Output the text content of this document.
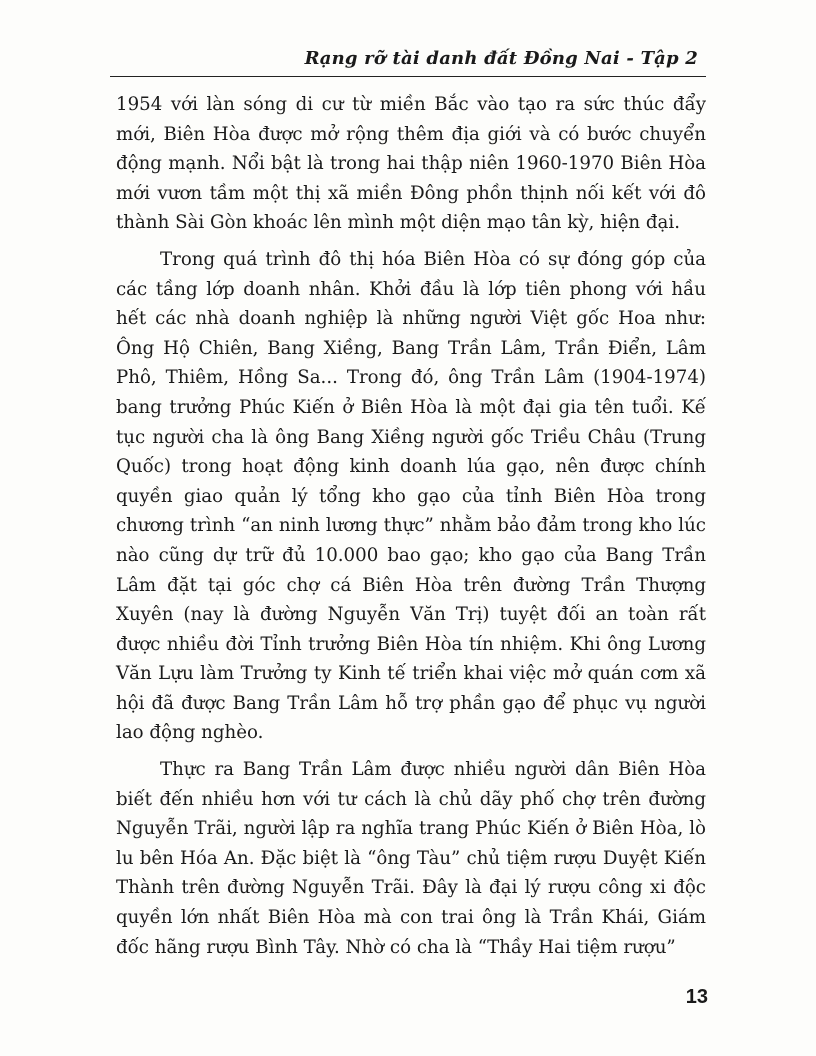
Rạng rỡ tài danh đất Đồng Nai - Tập 2

1954 với làn sóng di cư từ miền Bắc vào tạo ra sức thúc đẩy mới, Biên Hòa được mở rộng thêm địa giới và có bước chuyển động mạnh. Nổi bật là trong hai thập niên 1960-1970 Biên Hòa mới vươn tầm một thị xã miền Đông phồn thịnh nối kết với đô thành Sài Gòn khoác lên mình một diện mạo tân kỳ, hiện đại.

Trong quá trình đô thị hóa Biên Hòa có sự đóng góp của các tầng lớp doanh nhân. Khởi đầu là lớp tiên phong với hầu hết các nhà doanh nghiệp là những người Việt gốc Hoa như: Ông Hộ Chiên, Bang Xiềng, Bang Trần Lâm, Trần Điển, Lâm Phô, Thiêm, Hồng Sa... Trong đó, ông Trần Lâm (1904-1974) bang trưởng Phúc Kiến ở Biên Hòa là một đại gia tên tuổi. Kế tục người cha là ông Bang Xiềng người gốc Triều Châu (Trung Quốc) trong hoạt động kinh doanh lúa gạo, nên được chính quyền giao quản lý tổng kho gạo của tỉnh Biên Hòa trong chương trình “an ninh lương thực” nhằm bảo đảm trong kho lúc nào cũng dự trữ đủ 10.000 bao gạo; kho gạo của Bang Trần Lâm đặt tại góc chợ cá Biên Hòa trên đường Trần Thượng Xuyên (nay là đường Nguyễn Văn Trị) tuyệt đối an toàn rất được nhiều đời Tỉnh trưởng Biên Hòa tín nhiệm. Khi ông Lương Văn Lựu làm Trưởng ty Kinh tế triển khai việc mở quán cơm xã hội đã được Bang Trần Lâm hỗ trợ phần gạo để phục vụ người lao động nghèo.

Thực ra Bang Trần Lâm được nhiều người dân Biên Hòa biết đến nhiều hơn với tư cách là chủ dãy phố chợ trên đường Nguyễn Trãi, người lập ra nghĩa trang Phúc Kiến ở Biên Hòa, lò lu bên Hóa An. Đặc biệt là “ông Tàu” chủ tiệm rượu Duyệt Kiến Thành trên đường Nguyễn Trãi. Đây là đại lý rượu công xi độc quyền lớn nhất Biên Hòa mà con trai ông là Trần Khái, Giám đốc hãng rượu Bình Tây. Nhờ có cha là “Thầy Hai tiệm rượu”

13
